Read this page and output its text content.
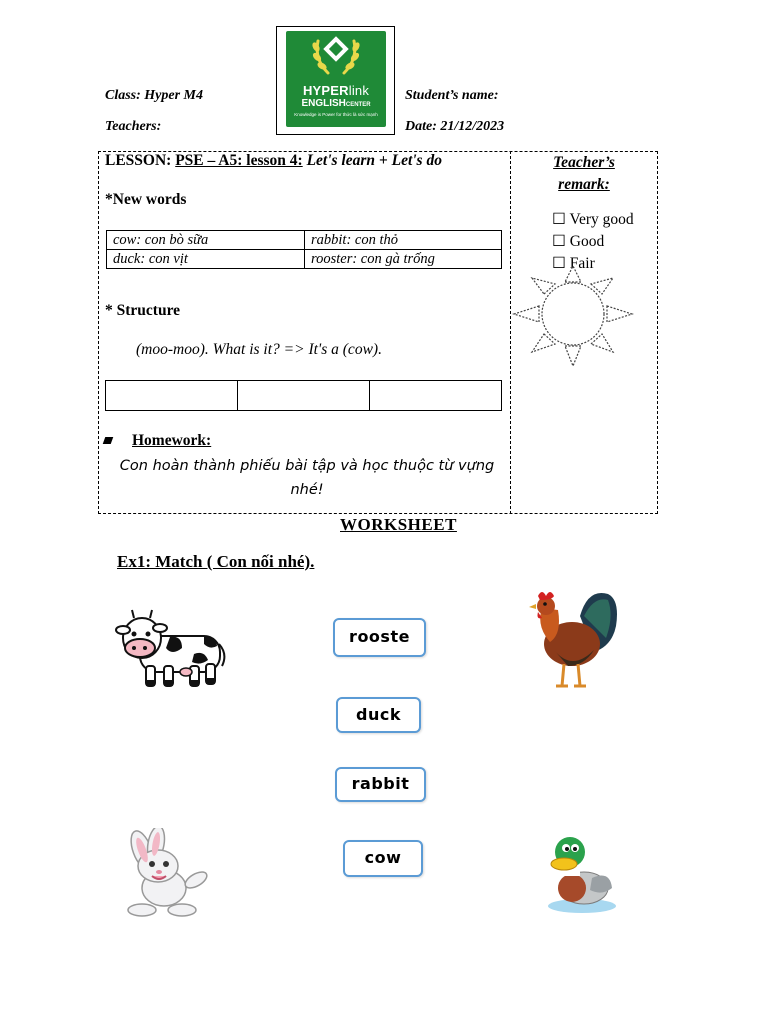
Class: Hyper M4
Teachers:
Student’s name:
Date: 21/12/2023
HYPERlink
ENGLISHCENTER
Knowledge is Power for thức là sức mạnh
LESSON: PSE – A5: lesson 4: Let's learn + Let's do
*New words
cow: con bò sữa	rabbit: con thỏ
duck: con vịt	rooster: con gà trống
* Structure
(moo-moo). What is it? => It's a (cow).

Homework:
Con hoàn thành phiếu bài tập và học thuộc từ vựng nhé!
Teacher’s remark:
☐ Very good
☐ Good
☐ Fair
WORKSHEET
Ex1: Match ( Con nối nhé).
rooste
duck
rabbit
cow
